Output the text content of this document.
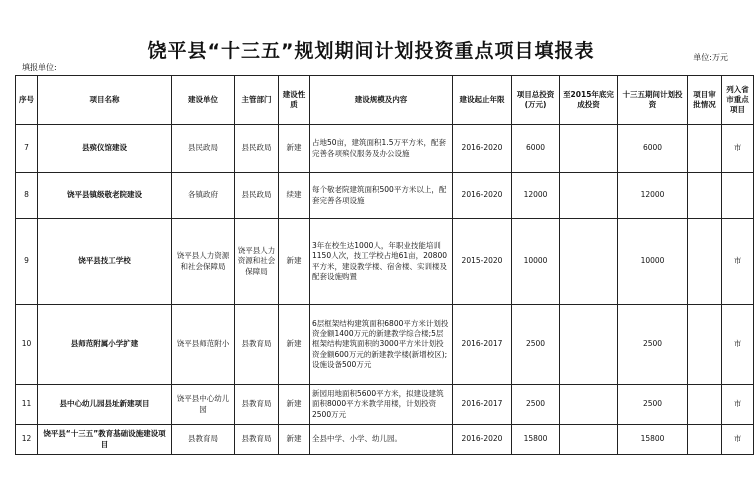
饶平县“十三五”规划期间计划投资重点项目填报表	单位:万元
填报单位:
序号	项目名称	建设单位	主管部门	建设性质	建设规模及内容	建设起止年限	项目总投资(万元)	至2015年底完成投资	十三五期间计划投资	项目审批情况	列入省市重点项目
7	县殡仪馆建设	县民政局	县民政局	新建	占地50亩，建筑面积1.5万平方米，配套完善各项殡仪服务及办公设施	2016-2020	6000		6000		市
8	饶平县镇级敬老院建设	各镇政府	县民政局	续建	每个敬老院建筑面积500平方米以上，配套完善各项设施	2016-2020	12000		12000		
9	饶平县技工学校	饶平县人力资源和社会保障局	饶平县人力资源和社会保障局	新建	3年在校生达1000人，年职业技能培训1150人次，技工学校占地61亩，20800平方米，建设教学楼、宿舍楼、实训楼及配套设施购置	2015-2020	10000		10000		市
10	县师范附属小学扩建	饶平县师范附小	县教育局	新建	6层框架结构建筑面积6800平方米计划投资金额1400万元的新建教学综合楼;5层框架结构建筑面积的3000平方米计划投资金额600万元的新建教学楼(新增校区);设施设备500万元	2016-2017	2500		2500		市
11	县中心幼儿园县址新建项目	饶平县中心幼儿园	县教育局	新建	新园用地面积5600平方米，拟建设建筑面积8000平方米教学用楼，计划投资2500万元	2016-2017	2500		2500		市
12	饶平县“十三五”教育基础设施建设项目	县教育局	县教育局	新建	全县中学、小学、幼儿园。	2016-2020	15800		15800		市
